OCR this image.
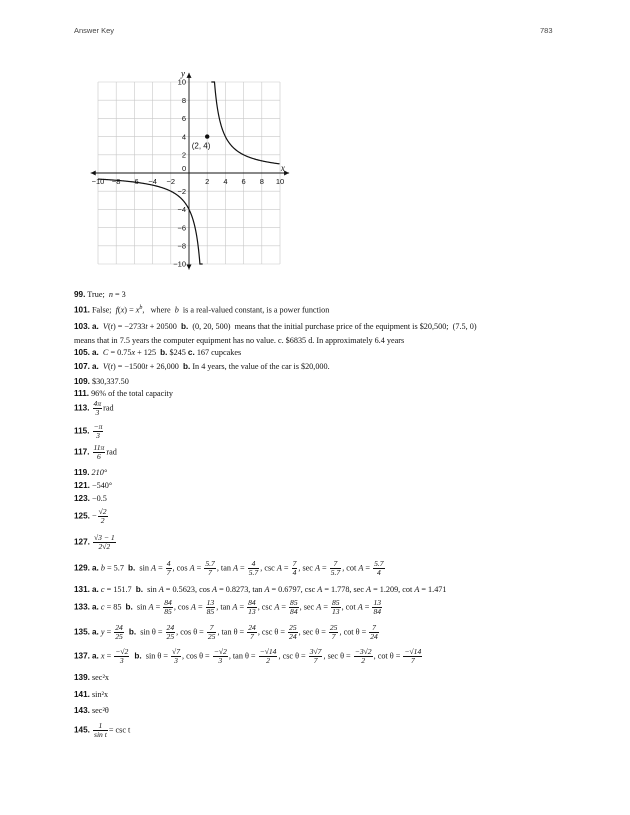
Answer Key	783
−10 −8 −6 −4 −2	2 4 6 8 10
10
8
6
4
2
−2
−4
−6
−8
−10
(2, 4)
x
y
0
99. True;  n = 3
101. False;  $f(x) = x^b$,   where  b  is a real-valued constant, is a power function
103. a. V(t) = −2733t + 20500  b.  (0, 20, 500)  means that the initial purchase price of the equipment is $20,500;  (7.5, 0)
means that in 7.5 years the computer equipment has no value. c. $6835 d. In approximately 6.4 years
105. a. C = 0.75x + 125  b. $245 c. 167 cupcakes
107. a. V(t) = −1500t + 26,000  b. In 4 years, the value of the car is $20,000.
109. $30,337.50
111. 96% of the total capacity
113. $\frac{4\pi}{3}$ rad
115. $\frac{-\pi}{3}$
117. $\frac{11\pi}{6}$ rad
119. 210°
121. −540°
123. −0.5
125. − $\frac{√2}{2}$
127. $\frac{√3 - 1}{2√2}$
129. a. b = 5.7  b.  $\sin A = \frac{4}{7}$ , $\cos A = \frac{5.7}{7}$ , $\tan A = \frac{4}{5.7}$ , $\csc A = \frac{7}{4}$ , $\sec A = \frac{7}{5.7}$ , $\cot A = \frac{5.7}{4}$
131. a. c = 151.7  b.  sin A = 0.5623, cos A = 0.8273, tan A = 0.6797, csc A = 1.778, sec A = 1.209, cot A = 1.471
133. a. c = 85  b.  $\sin A = \frac{84}{85}$ , $\cos A = \frac{13}{85}$ , $\tan A = \frac{84}{13}$ , $\csc A = \frac{85}{84}$ , $\sec A = \frac{85}{13}$ , $\cot A = \frac{13}{84}$
135. a. $y = \frac{24}{25} b$.  $\sin \theta = \frac{24}{25}$ , $\cos \theta = \frac{7}{25}$ , $\tan \theta = \frac{24}{7}$ , $\csc \theta = \frac{25}{24}$ , $\sec \theta = \frac{25}{7}$ , $\cot \theta = \frac{7}{24}$
137. a. $x = \frac{-√2}{3} b$.  $\sin \theta = \frac{√7}{3}$ , $\cos \theta = \frac{-√2}{3}$ , $\tan \theta = \frac{-√14}{2}$ , $\csc \theta = \frac{3√7}{7}$ , $\sec \theta = \frac{-3√2}{2}$ , $\cot \theta = \frac{-√14}{7}$
139. sec²x
141. sin²x
143. sec²θ
145. $\frac{1}{\text{sin t}} = \csc t$
